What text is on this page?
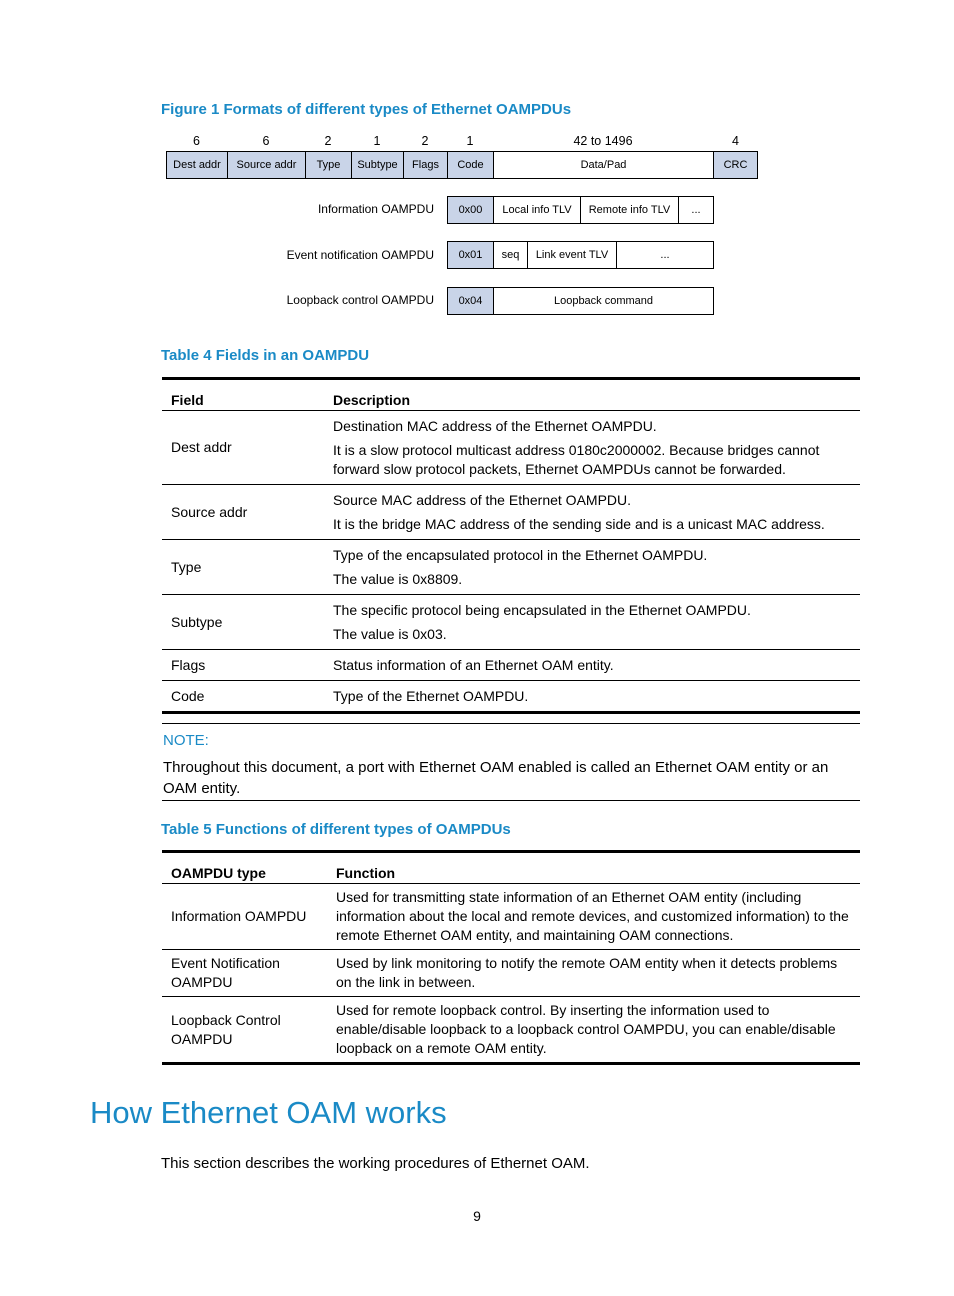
Figure 1 Formats of different types of Ethernet OAMPDUs
6	6	2	1	2	1	42 to 1496	4
Dest addr	Source addr	Type	Subtype	Flags	Code	Data/Pad	CRC
Information OAMPDU	0x00	Local info TLV	Remote info TLV	...
Event notification OAMPDU	0x01	seq	Link event TLV	...
Loopback control OAMPDU	0x04	Loopback command
Table 4 Fields in an OAMPDU
Field	Description
Dest addr	Destination MAC address of the Ethernet OAMPDU.

It is a slow protocol multicast address 0180c2000002. Because bridges cannot forward slow protocol packets, Ethernet OAMPDUs cannot be forwarded.

Source addr	Source MAC address of the Ethernet OAMPDU.

It is the bridge MAC address of the sending side and is a unicast MAC address.

Type	Type of the encapsulated protocol in the Ethernet OAMPDU.

The value is 0x8809.

Subtype	The specific protocol being encapsulated in the Ethernet OAMPDU.

The value is 0x03.

Flags	Status information of an Ethernet OAM entity.

Code	Type of the Ethernet OAMPDU.

NOTE:
Throughout this document, a port with Ethernet OAM enabled is called an Ethernet OAM entity or an OAM entity.
Table 5 Functions of different types of OAMPDUs
OAMPDU type	Function
Information OAMPDU	Used for transmitting state information of an Ethernet OAM entity (including information about the local and remote devices, and customized information) to the remote Ethernet OAM entity, and maintaining OAM connections.
Event Notification OAMPDU	Used by link monitoring to notify the remote OAM entity when it detects problems on the link in between.
Loopback Control OAMPDU	Used for remote loopback control. By inserting the information used to enable/disable loopback to a loopback control OAMPDU, you can enable/disable loopback on a remote OAM entity.
How Ethernet OAM works
This section describes the working procedures of Ethernet OAM.
9
